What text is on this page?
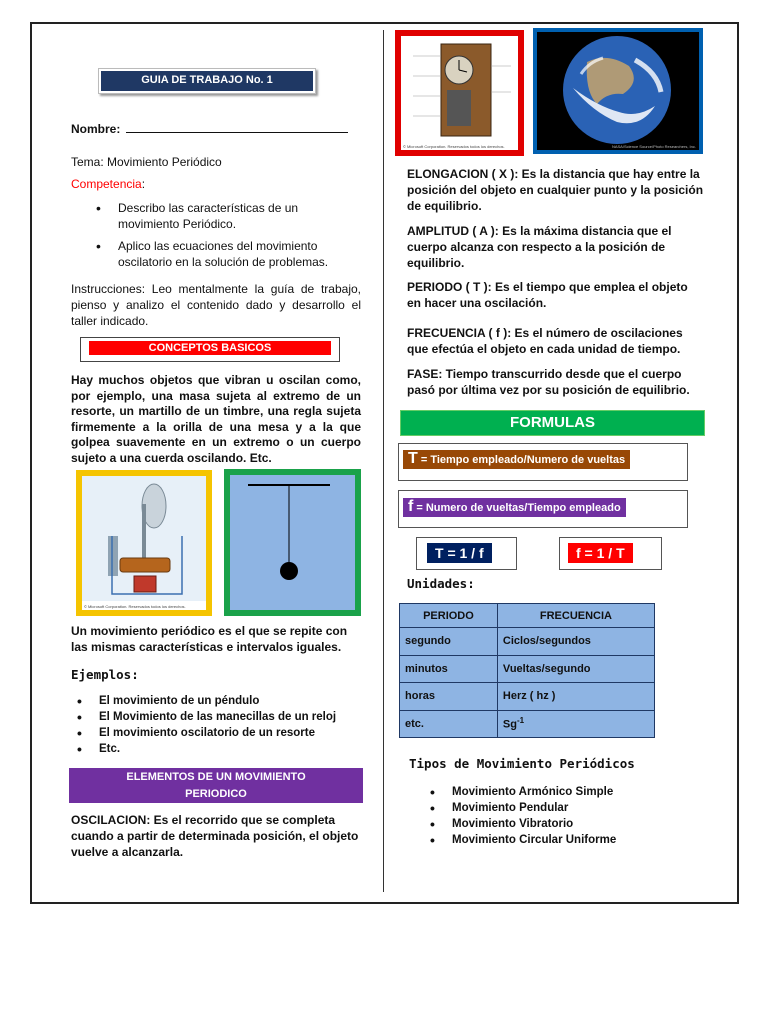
GUIA DE TRABAJO No. 1
Nombre:
Tema: Movimiento Periódico
Competencia:
• Describo las características de un movimiento Periódico.
• Aplico las ecuaciones del movimiento oscilatorio en la solución de problemas.
Instrucciones: Leo mentalmente la guía de trabajo, pienso y analizo el contenido dado y desarrollo el taller indicado.
CONCEPTOS BASICOS
Hay muchos objetos que vibran u oscilan como, por ejemplo, una masa sujeta al extremo de un resorte, un martillo de un timbre, una regla sujeta firmemente a la orilla de una mesa y a la que golpea suavemente en un extremo o un cuerpo sujeto a una cuerda oscilando. Etc.
© Microsoft Corporation. Reservados todos los derechos.
Un movimiento periódico es el que se repite con las mismas características e intervalos iguales.
Ejemplos:
• El movimiento de un péndulo
• El Movimiento de las manecillas de un reloj
• El movimiento oscilatorio de un resorte
• Etc.
ELEMENTOS DE UN MOVIMIENTO
PERIODICO
OSCILACION: Es el recorrido que se completa cuando a partir de determinada posición, el objeto vuelve a alcanzarla.
© Microsoft Corporation. Reservados todos los derechos.	NASA/Science Source/Photo Researchers, Inc.
ELONGACION ( X ): Es la distancia que hay entre la posición del objeto en cualquier punto y la posición de equilibrio.
AMPLITUD ( A ): Es la máxima distancia que el cuerpo alcanza con respecto a la posición de equilibrio.
PERIODO ( T ): Es el tiempo que emplea el objeto en hacer una oscilación.
FRECUENCIA ( f ): Es el número de oscilaciones que efectúa el objeto en cada unidad de tiempo.
FASE: Tiempo transcurrido desde que el cuerpo pasó por última vez por su posición de equilibrio.
FORMULAS
T = Tiempo empleado/Numero de vueltas
f = Numero de vueltas/Tiempo empleado
T = 1 / f	f = 1 / T
Unidades:
PERIODO	FRECUENCIA
segundo	Ciclos/segundos
minutos	Vueltas/segundo
horas	Herz ( hz )
etc.	$Sg^{-1}$
Tipos de Movimiento Periódicos
• Movimiento Armónico Simple
• Movimiento Pendular
• Movimiento Vibratorio
• Movimiento Circular Uniforme
